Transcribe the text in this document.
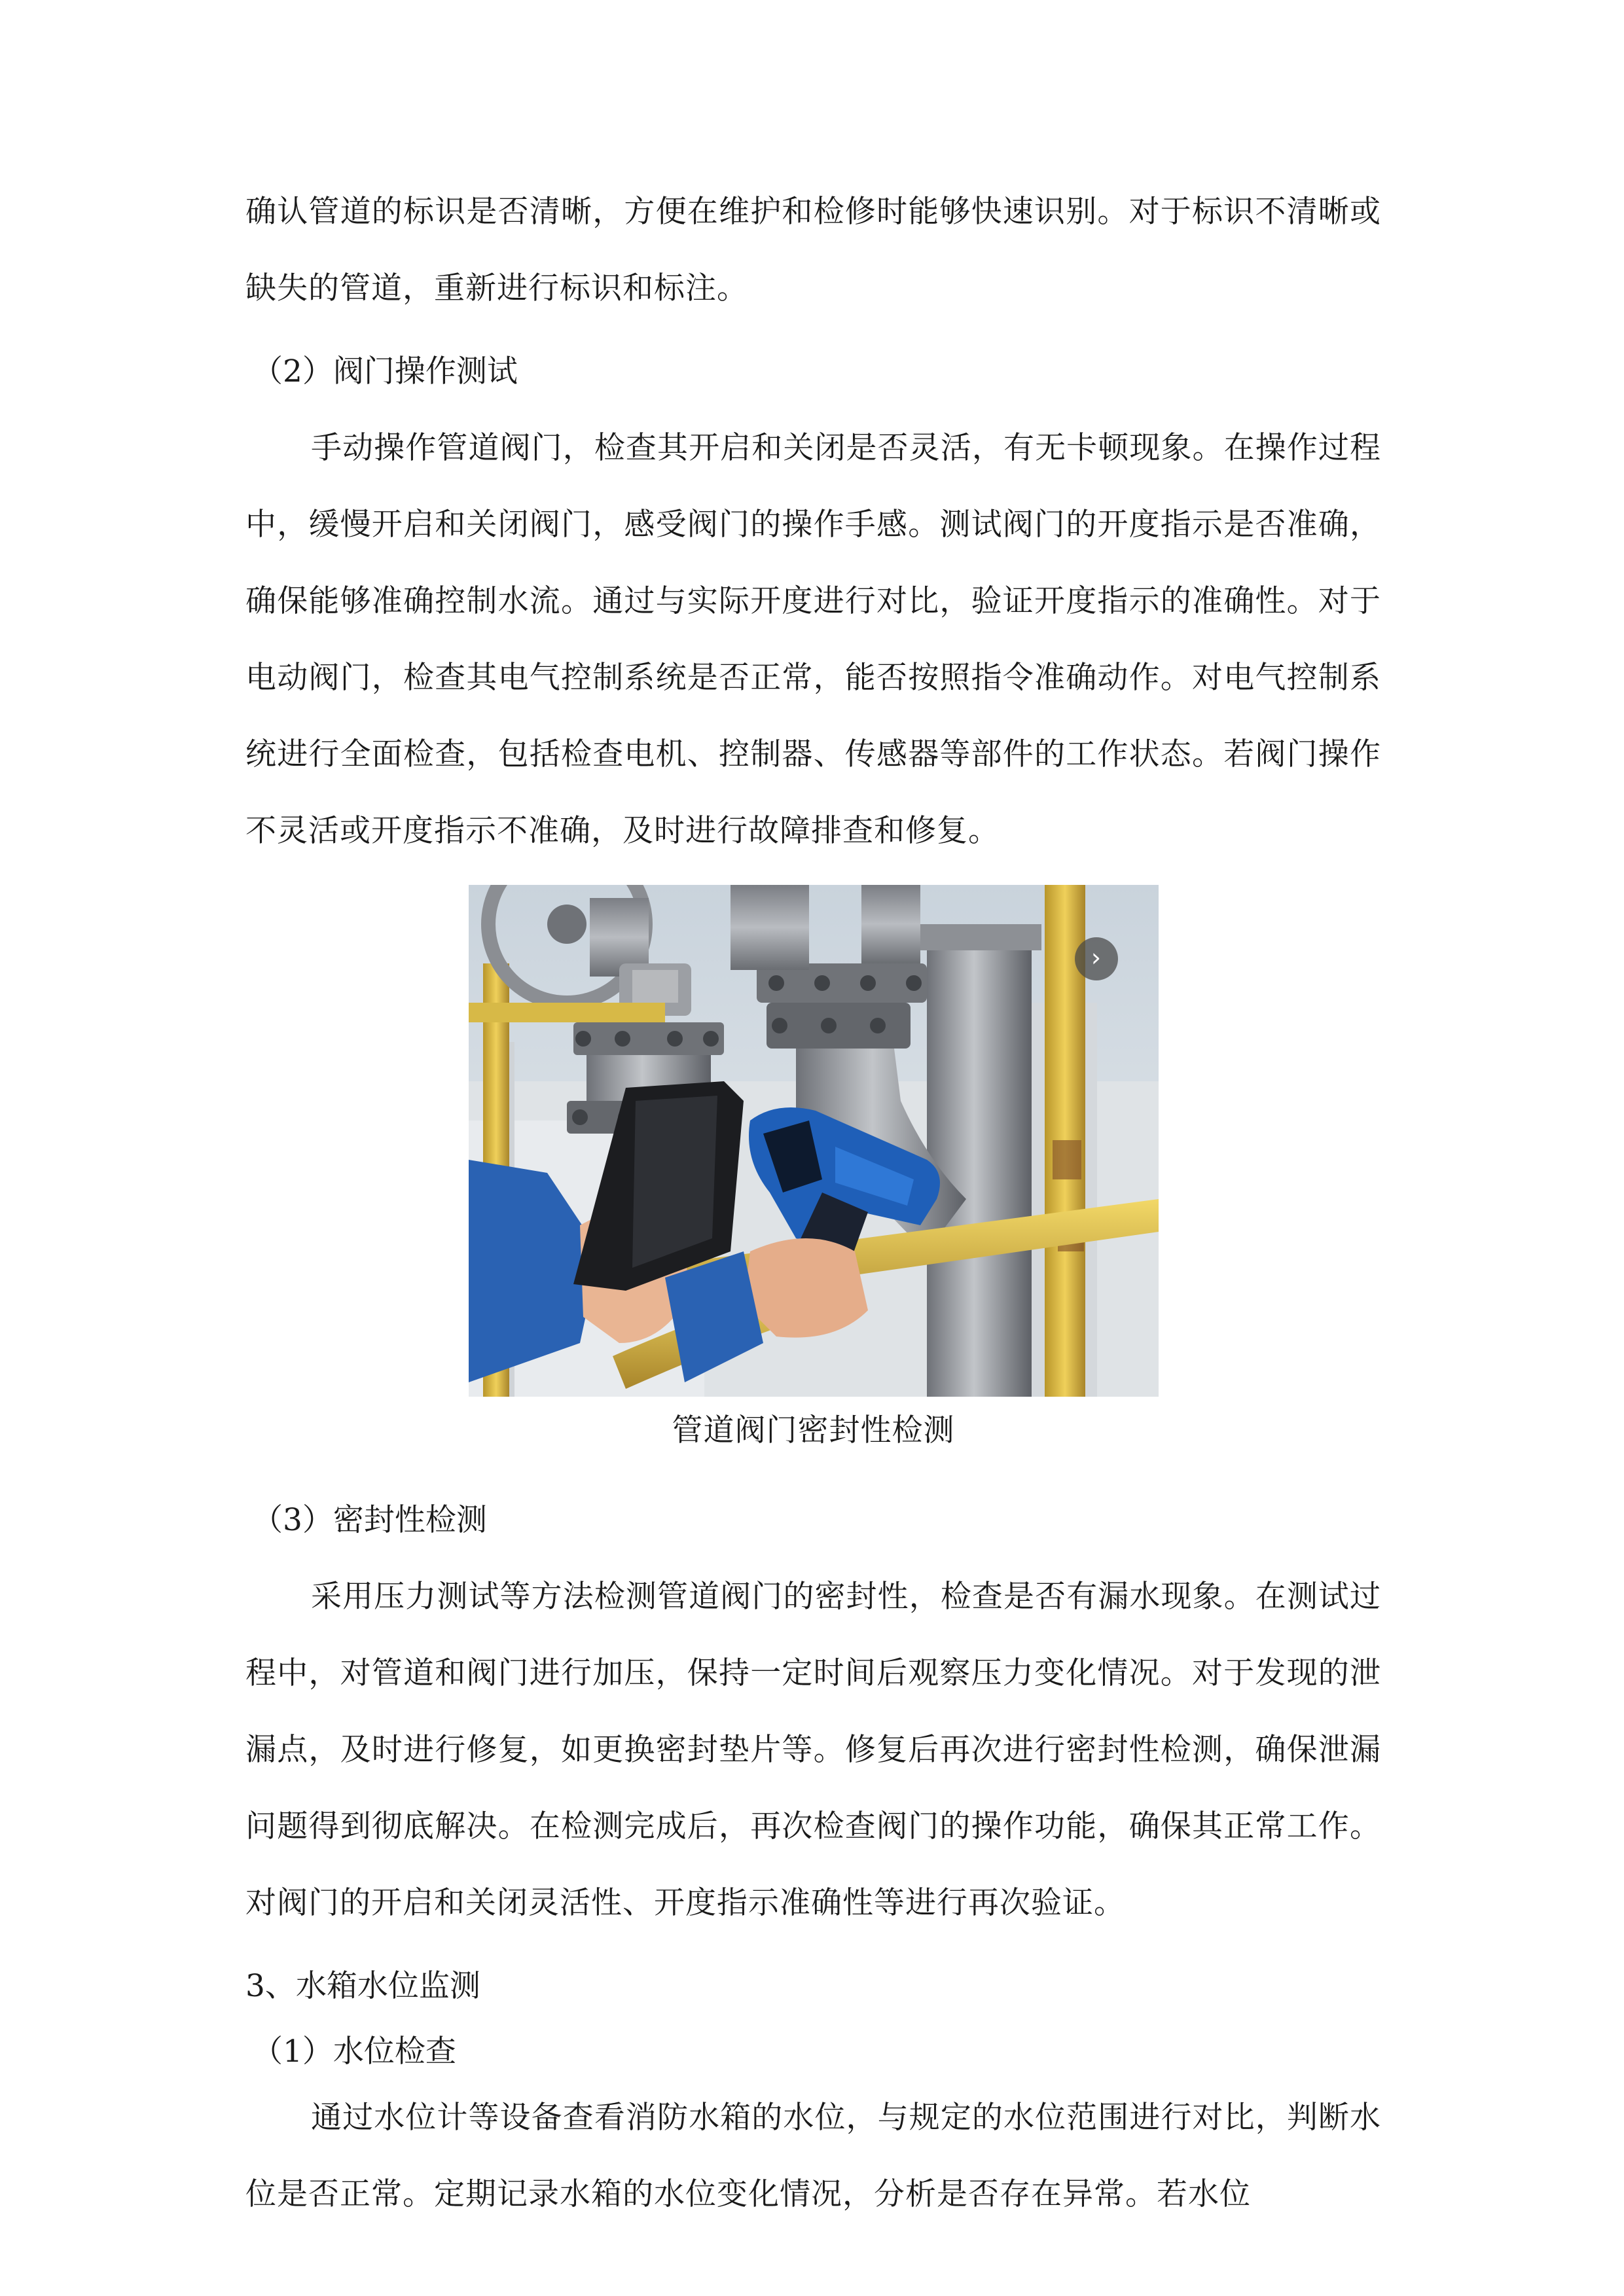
确认管道的标识是否清晰，方便在维护和检修时能够快速识别。对于标识不清晰或缺失的管道，重新进行标识和标注。

（2）阀门操作测试

手动操作管道阀门，检查其开启和关闭是否灵活，有无卡顿现象。在操作过程中，缓慢开启和关闭阀门，感受阀门的操作手感。测试阀门的开度指示是否准确，确保能够准确控制水流。通过与实际开度进行对比，验证开度指示的准确性。对于电动阀门，检查其电气控制系统是否正常，能否按照指令准确动作。对电气控制系统进行全面检查，包括检查电机、控制器、传感器等部件的工作状态。若阀门操作不灵活或开度指示不准确，及时进行故障排查和修复。

›
管道阀门密封性检测
（3）密封性检测

采用压力测试等方法检测管道阀门的密封性，检查是否有漏水现象。在测试过程中，对管道和阀门进行加压，保持一定时间后观察压力变化情况。对于发现的泄漏点，及时进行修复，如更换密封垫片等。修复后再次进行密封性检测，确保泄漏问题得到彻底解决。在检测完成后，再次检查阀门的操作功能，确保其正常工作。对阀门的开启和关闭灵活性、开度指示准确性等进行再次验证。

3、水箱水位监测
（1）水位检查

通过水位计等设备查看消防水箱的水位，与规定的水位范围进行对比，判断水位是否正常。定期记录水箱的水位变化情况，分析是否存在异常。若水位
